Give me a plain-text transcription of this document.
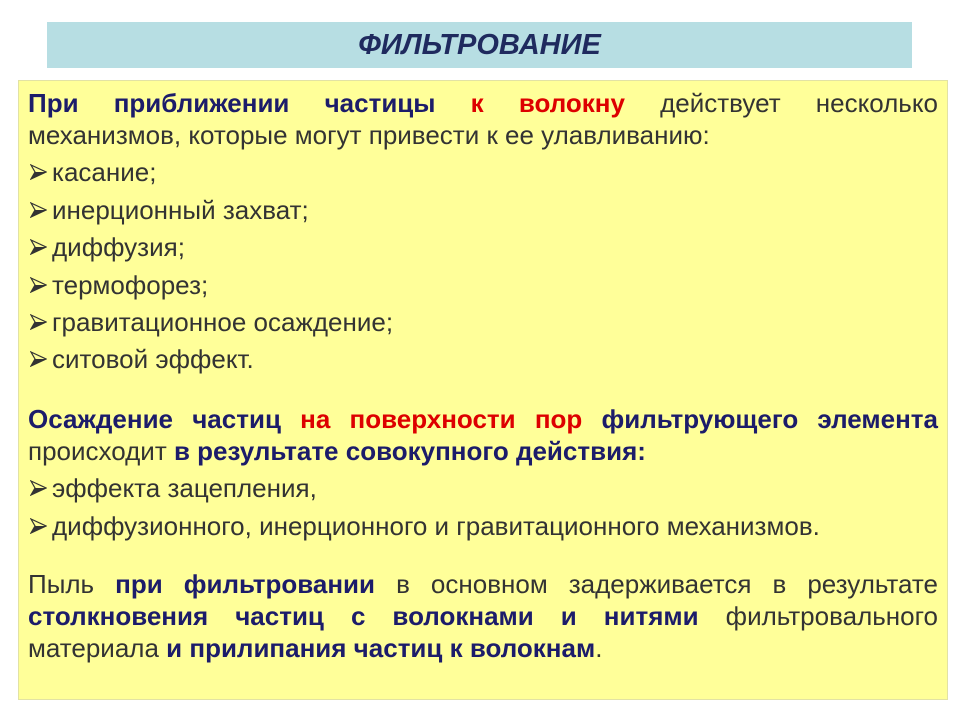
ФИЛЬТРОВАНИЕ
При приближении частицы к волокну действует несколько
механизмов, которые могут привести к ее улавливанию:
касание;
инерционный захват;
диффузия;
термофорез;
гравитационное осаждение;
ситовой эффект.
Осаждение частиц на поверхности пор фильтрующего элемента
происходит в результате совокупного действия:
эффекта зацепления,
диффузионного, инерционного и гравитационного механизмов.
Пыль при фильтровании в основном задерживается в результате
столкновения частиц с волокнами и нитями фильтровального
материала и прилипания частиц к волокнам.
